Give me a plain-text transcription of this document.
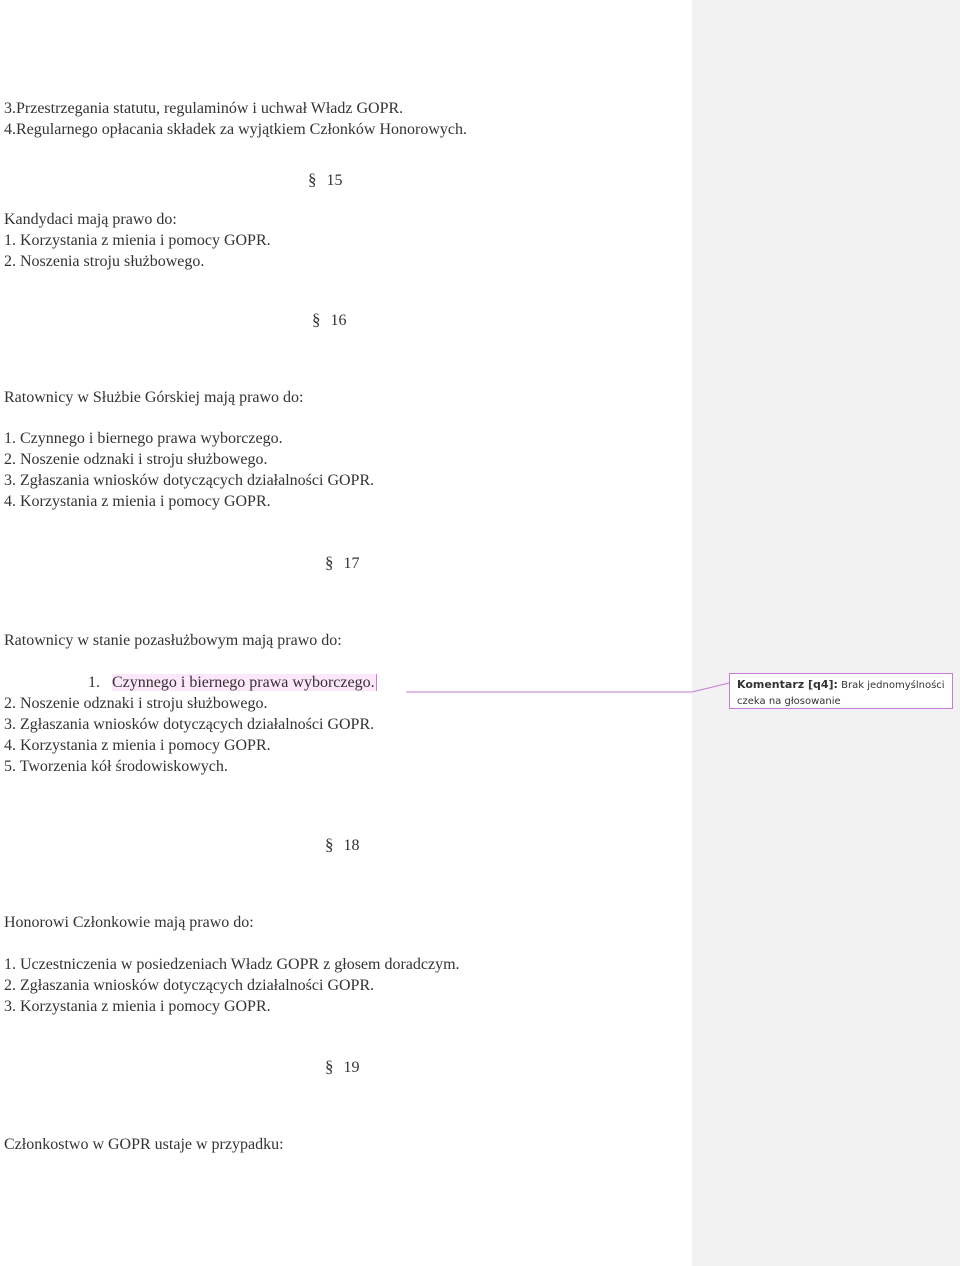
3.Przestrzegania statutu, regulaminów i uchwał Władz GOPR.
4.Regularnego opłacania składek za wyjątkiem Członków Honorowych.
§ 15
Kandydaci mają prawo do:
1. Korzystania z mienia i pomocy GOPR.
2. Noszenia stroju służbowego.
§ 16
Ratownicy w Służbie Górskiej mają prawo do:
1. Czynnego i biernego prawa wyborczego.
2. Noszenie odznaki i stroju służbowego.
3. Zgłaszania wniosków dotyczących działalności GOPR.
4. Korzystania z mienia i pomocy GOPR.
§ 17
Ratownicy w stanie pozasłużbowym mają prawo do:
1. Czynnego i biernego prawa wyborczego.
2. Noszenie odznaki i stroju służbowego.
3. Zgłaszania wniosków dotyczących działalności GOPR.
4. Korzystania z mienia i pomocy GOPR.
5. Tworzenia kół środowiskowych.
§ 18
Honorowi Członkowie mają prawo do:
1. Uczestniczenia w posiedzeniach Władz GOPR z głosem doradczym.
2. Zgłaszania wniosków dotyczących działalności GOPR.
3. Korzystania z mienia i pomocy GOPR.
§ 19
Członkostwo w GOPR ustaje w przypadku:
Komentarz [q4]: Brak jednomyślności czeka na głosowanie
